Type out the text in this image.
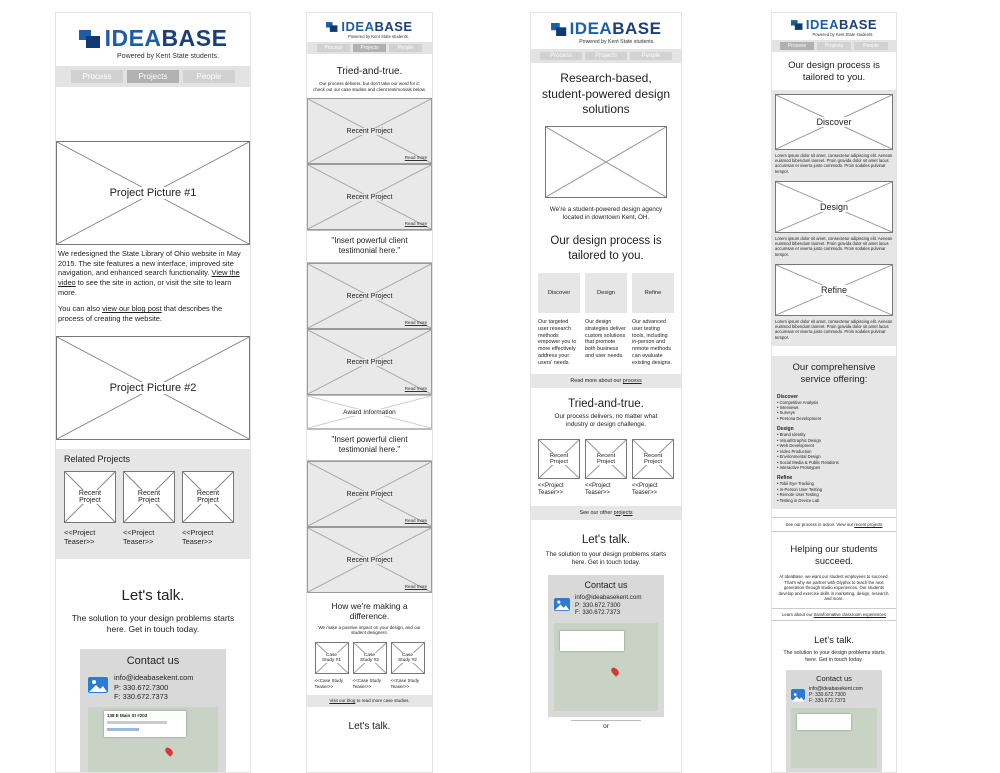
IDEABASE
Powered by Kent State students.
Process	Projects	People
Project Picture #1

We redesigned the State Library of Ohio website in May 2015. The site features a new interface, improved site navigation, and enhanced search functionality. View the video to see the site in action, or visit the site to learn more.

You can also view our blog post that describes the process of creating the website.

Project Picture #2
Related Projects
Recent Project
<<Project Teaser>>
Recent Project
<<Project Teaser>>
Recent Project
<<Project Teaser>>
Let's talk.
The solution to your design problems starts here. Get in touch today.
Contact us
info@ideabasekent.com
P: 330.672.7300
F: 330.672.7373
138 E Main St #203
IDEABASE
Powered by Kent State students.
Process	Projects	People
Tried-and-true.
Our process delivers, but don't take our word for it; check out our case studies and client testimonials below.
Recent Project
Read more
Recent Project
Read more
"Insert powerful client testimonial here."
Recent Project
Read more
Recent Project
Read more
Award Information
"Insert powerful client testimonial here."
Recent Project
Read more
Recent Project
Read more
How we're making a difference.
We make a positive impact on your design, and our student designers.
Case Study #1
<<Case Study Teaser>>
Case Study #2
<<Case Study Teaser>>
Case Study #2
<<Case Study Teaser>>
Visit our blog to read more case studies.
Let's talk.
IDEABASE
Powered by Kent State students.
Process	Projects	People
Research-based, student-powered design solutions
We're a student-powered design agency located in downtown Kent, OH.
Our design process is tailored to you.
Discover
Our targeted user research methods empower you to more effectively address your users' needs.
Design
Our design strategies deliver custom solutions that promote both business and user needs.
Refine
Our advanced user testing tools, including in-person and remote methods can evaluate existing designs.
Read more about our process
Tried-and-true.
Our process delivers, no matter what industry or design challenge.
Recent Project
<<Project Teaser>>
Recent Project
<<Project Teaser>>
Recent Project
<<Project Teaser>>
See our other projects
Let's talk.
The solution to your design problems starts here. Get in touch today.
Contact us
info@ideabasekent.com
P: 330.672.7300
F: 330.672.7373
or
IDEABASE
Powered by Kent State students.
Process	Projects	People
Our design process is tailored to you.
Discover
Lorem ipsum dolor sit amet, consectetur adipiscing elit. Aenean euismod bibendum laoreet. Proin gravida dolor sit amet lacus accumsan et viverra justo commodo. Proin sodales pulvinar tempor.
Design
Lorem ipsum dolor sit amet, consectetur adipiscing elit. Aenean euismod bibendum laoreet. Proin gravida dolor sit amet lacus accumsan et viverra justo commodo. Proin sodales pulvinar tempor.
Refine
Lorem ipsum dolor sit amet, consectetur adipiscing elit. Aenean euismod bibendum laoreet. Proin gravida dolor sit amet lacus accumsan et viverra justo commodo. Proin sodales pulvinar tempor.
Our comprehensive service offering:
Discover
• Competitive Analysis
• Interviews
• Surveys
• Persona Development
Design
• Brand Identity
• Visual/Graphic Design
• Web Development
• Video Production
• Environmental Design
• Social Media & Public Relations
• Interactive Prototypes
Refine
• Tobii Eye-Tracking
• In-Person User Testing
• Remote User Testing
• Testing in Device Lab
See our process in action. View our recent projects
Helping our students succeed.
At IdeaBase, we want our student employees to succeed. That's why we partner with Glyphix to teach the next generation through studio experiences. Our students develop and exercise skills in marketing, design, research, and more.
Learn about our transformative classroom experiences
Let's talk.
The solution to your design problems starts here. Get in touch today.
Contact us
info@ideabasekent.com
P: 330.672.7300
F: 330.672.7373
